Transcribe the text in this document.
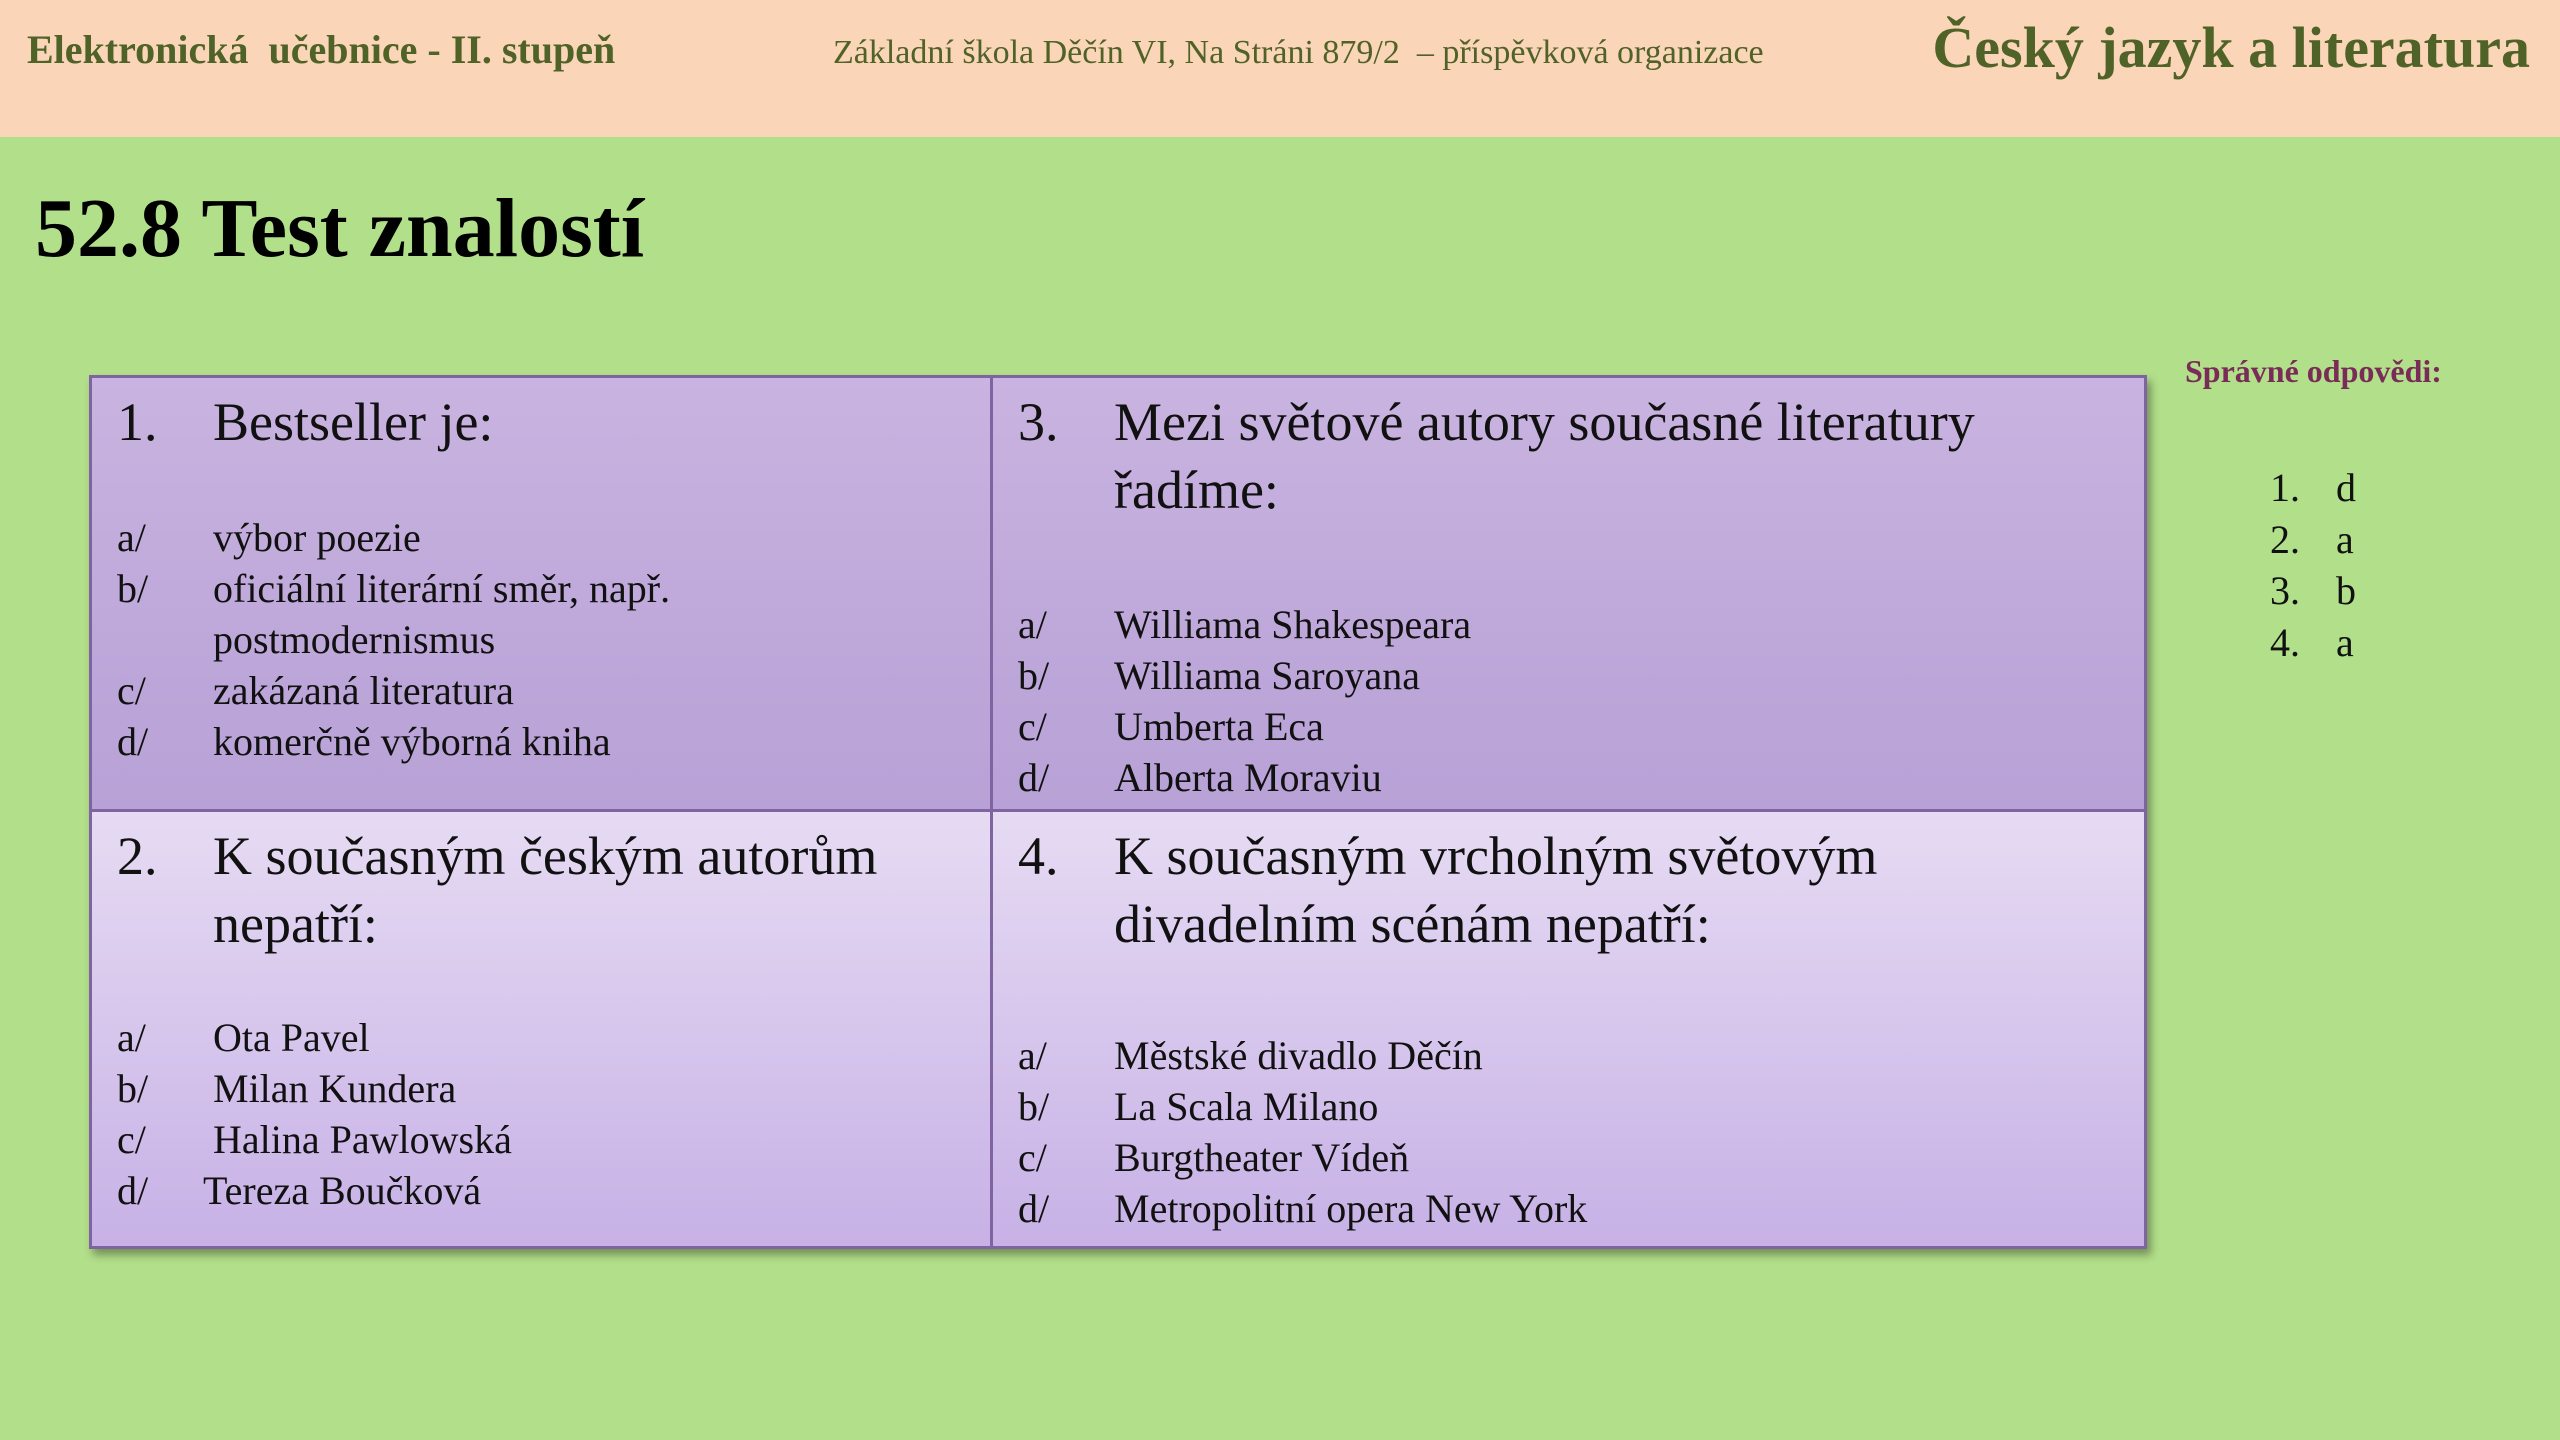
Elektronická  učebnice - II. stupeň	Základní škola Děčín VI, Na Stráni 879/2  – příspěvková organizace	Český jazyk a literatura
52.8 Test znalostí
1. Bestseller je:
a/ výbor poezie
b/ oficiální literární směr, např.
postmodernismus
c/ zakázaná literatura
d/ komerčně výborná kniha
3. Mezi světové autory současné literatury
řadíme:
a/ Williama Shakespeara
b/ Williama Saroyana
c/ Umberta Eca
d/ Alberta Moraviu
2. K současným českým autorům
nepatří:
a/ Ota Pavel
b/ Milan Kundera
c/ Halina Pawlowská
d/ Tereza Boučková
4. K současným vrcholným světovým
divadelním scénám nepatří:
a/ Městské divadlo Děčín
b/ La Scala Milano
c/ Burgtheater Vídeň
d/ Metropolitní opera New York
Správné odpovědi:
1. d
2. a
3. b
4. a
